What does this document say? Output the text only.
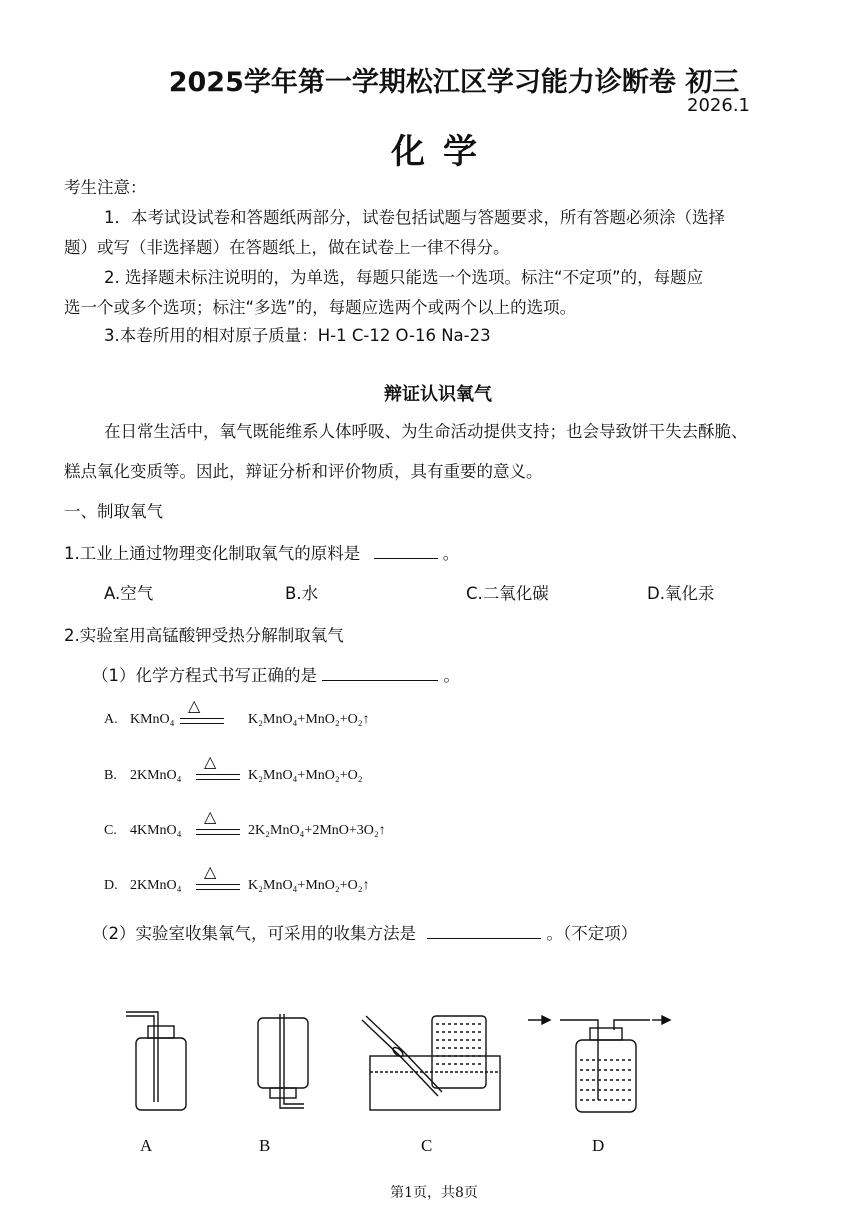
2025学年第一学期松江区学习能力诊断卷 初三
2026.1
化学
考生注意：
1．本考试设试卷和答题纸两部分，试卷包括试题与答题要求，所有答题必须涂（选择
题）或写（非选择题）在答题纸上，做在试卷上一律不得分。
2. 选择题未标注说明的，为单选，每题只能选一个选项。标注“不定项”的，每题应
选一个或多个选项；标注“多选”的，每题应选两个或两个以上的选项。
3.本卷所用的相对原子质量：H-1 C-12 O-16 Na-23
辩证认识氧气
在日常生活中，氧气既能维系人体呼吸、为生命活动提供支持；也会导致饼干失去酥脆、
糕点氧化变质等。因此，辩证分析和评价物质，具有重要的意义。
一、制取氧气
1.工业上通过物理变化制取氧气的原料是	。
A.空气	B.水	C.二氧化碳	D.氧化汞
2.实验室用高锰酸钾受热分解制取氧气
（1）化学方程式书写正确的是	。
A. KMnO₄
△
K₂MnO₄+MnO₂+O₂↑
B. 2KMnO₄
△
K₂MnO₄+MnO₂+O₂
C. 4KMnO₄
△
2K₂MnO₄+2MnO+3O₂↑
D. 2KMnO₄
△
K₂MnO₄+MnO₂+O₂↑
（2）实验室收集氧气，可采用的收集方法是	。（不定项）
A	B	C	D
第1页，共8页
